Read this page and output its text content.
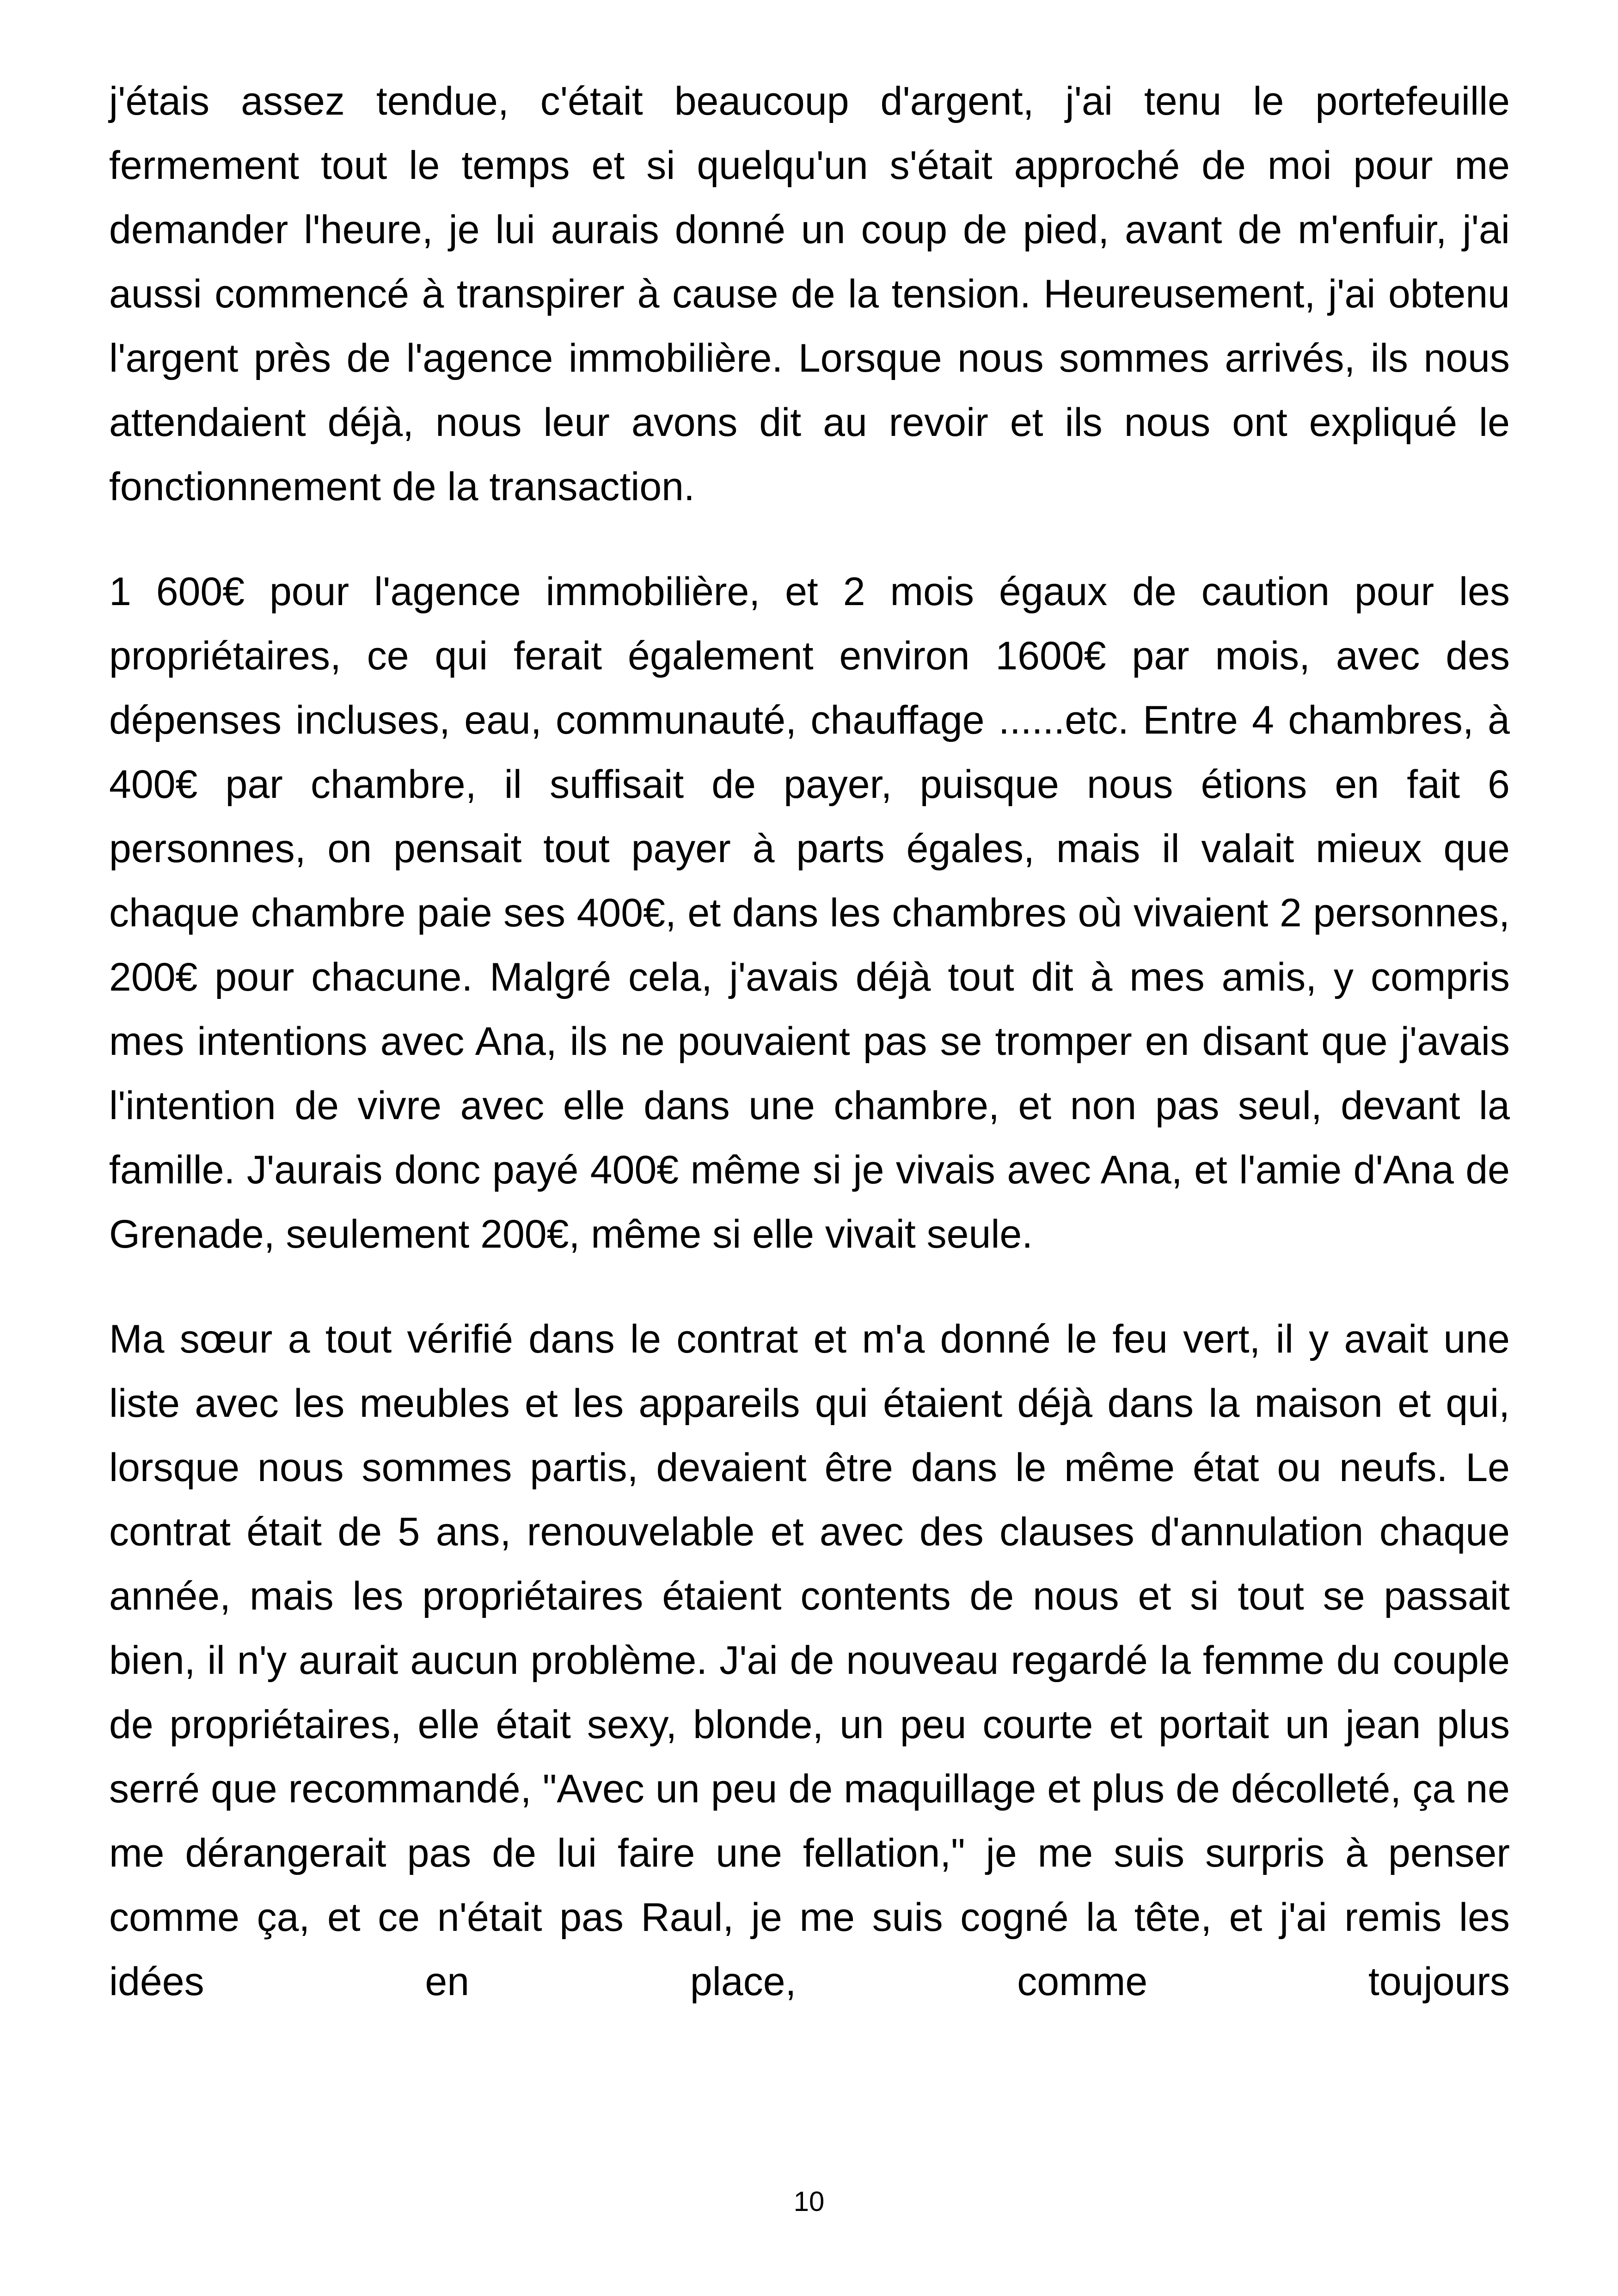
j'étais assez tendue, c'était beaucoup d'argent, j'ai tenu le portefeuille fermement tout le temps et si quelqu'un s'était approché de moi pour me demander l'heure, je lui aurais donné un coup de pied, avant de m'enfuir, j'ai aussi commencé à transpirer à cause de la tension. Heureusement, j'ai obtenu l'argent près de l'agence immobilière. Lorsque nous sommes arrivés, ils nous attendaient déjà, nous leur avons dit au revoir et ils nous ont expliqué le fonctionnement de la transaction.

1 600€ pour l'agence immobilière, et 2 mois égaux de caution pour les propriétaires, ce qui ferait également environ 1600€ par mois, avec des dépenses incluses, eau, communauté, chauffage ......etc. Entre 4 chambres, à 400€ par chambre, il suffisait de payer, puisque nous étions en fait 6 personnes, on pensait tout payer à parts égales, mais il valait mieux que chaque chambre paie ses 400€, et dans les chambres où vivaient 2 personnes, 200€ pour chacune. Malgré cela, j'avais déjà tout dit à mes amis, y compris mes intentions avec Ana, ils ne pouvaient pas se tromper en disant que j'avais l'intention de vivre avec elle dans une chambre, et non pas seul, devant la famille. J'aurais donc payé 400€ même si je vivais avec Ana, et l'amie d'Ana de Grenade, seulement 200€, même si elle vivait seule.

Ma sœur a tout vérifié dans le contrat et m'a donné le feu vert, il y avait une liste avec les meubles et les appareils qui étaient déjà dans la maison et qui, lorsque nous sommes partis, devaient être dans le même état ou neufs. Le contrat était de 5 ans, renouvelable et avec des clauses d'annulation chaque année, mais les propriétaires étaient contents de nous et si tout se passait bien, il n'y aurait aucun problème. J'ai de nouveau regardé la femme du couple de propriétaires, elle était sexy, blonde, un peu courte et portait un jean plus serré que recommandé, "Avec un peu de maquillage et plus de décolleté, ça ne me dérangerait pas de lui faire une fellation," je me suis surpris à penser comme ça, et ce n'était pas Raul, je me suis cogné la tête, et j'ai remis les idées en place, comme toujours

10
